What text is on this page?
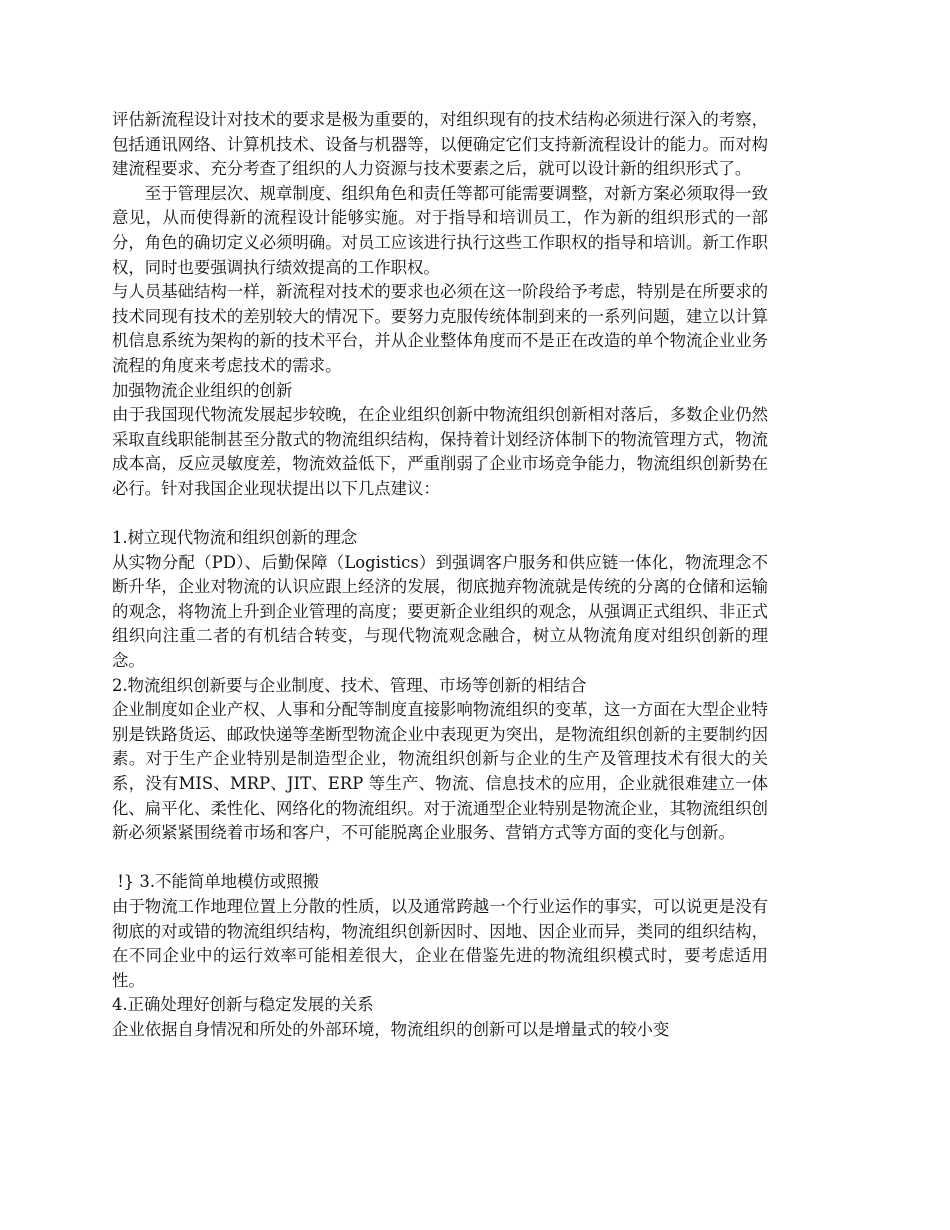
评估新流程设计对技术的要求是极为重要的，对组织现有的技术结构必须进行深入的考察，包括通讯网络、计算机技术、设备与机器等，以便确定它们支持新流程设计的能力。而对构建流程要求、充分考查了组织的人力资源与技术要素之后，就可以设计新的组织形式了。

至于管理层次、规章制度、组织角色和责任等都可能需要调整，对新方案必须取得一致意见，从而使得新的流程设计能够实施。对于指导和培训员工，作为新的组织形式的一部分，角色的确切定义必须明确。对员工应该进行执行这些工作职权的指导和培训。新工作职权，同时也要强调执行绩效提高的工作职权。

与人员基础结构一样，新流程对技术的要求也必须在这一阶段给予考虑，特别是在所要求的技术同现有技术的差别较大的情况下。要努力克服传统体制到来的一系列问题，建立以计算机信息系统为架构的新的技术平台，并从企业整体角度而不是正在改造的单个物流企业业务流程的角度来考虑技术的需求。

加强物流企业组织的创新

由于我国现代物流发展起步较晚，在企业组织创新中物流组织创新相对落后，多数企业仍然采取直线职能制甚至分散式的物流组织结构，保持着计划经济体制下的物流管理方式，物流成本高，反应灵敏度差，物流效益低下，严重削弱了企业市场竞争能力，物流组织创新势在必行。针对我国企业现状提出以下几点建议：

1.树立现代物流和组织创新的理念

从实物分配（PD）、后勤保障（Logistics）到强调客户服务和供应链一体化，物流理念不断升华，企业对物流的认识应跟上经济的发展，彻底抛弃物流就是传统的分离的仓储和运输的观念，将物流上升到企业管理的高度；要更新企业组织的观念，从强调正式组织、非正式组织向注重二者的有机结合转变，与现代物流观念融合，树立从物流角度对组织创新的理念。

2.物流组织创新要与企业制度、技术、管理、市场等创新的相结合

企业制度如企业产权、人事和分配等制度直接影响物流组织的变革，这一方面在大型企业特别是铁路货运、邮政快递等垄断型物流企业中表现更为突出，是物流组织创新的主要制约因素。对于生产企业特别是制造型企业，物流组织创新与企业的生产及管理技术有很大的关系，没有MIS、MRP、JIT、ERP 等生产、物流、信息技术的应用，企业就很难建立一体化、扁平化、柔性化、网络化的物流组织。对于流通型企业特别是物流企业，其物流组织创新必须紧紧围绕着市场和客户，不可能脱离企业服务、营销方式等方面的变化与创新。

!} 3.不能简单地模仿或照搬

由于物流工作地理位置上分散的性质，以及通常跨越一个行业运作的事实，可以说更是没有彻底的对或错的物流组织结构，物流组织创新因时、因地、因企业而异，类同的组织结构，在不同企业中的运行效率可能相差很大，企业在借鉴先进的物流组织模式时，要考虑适用性。

4.正确处理好创新与稳定发展的关系

企业依据自身情况和所处的外部环境，物流组织的创新可以是增量式的较小变
